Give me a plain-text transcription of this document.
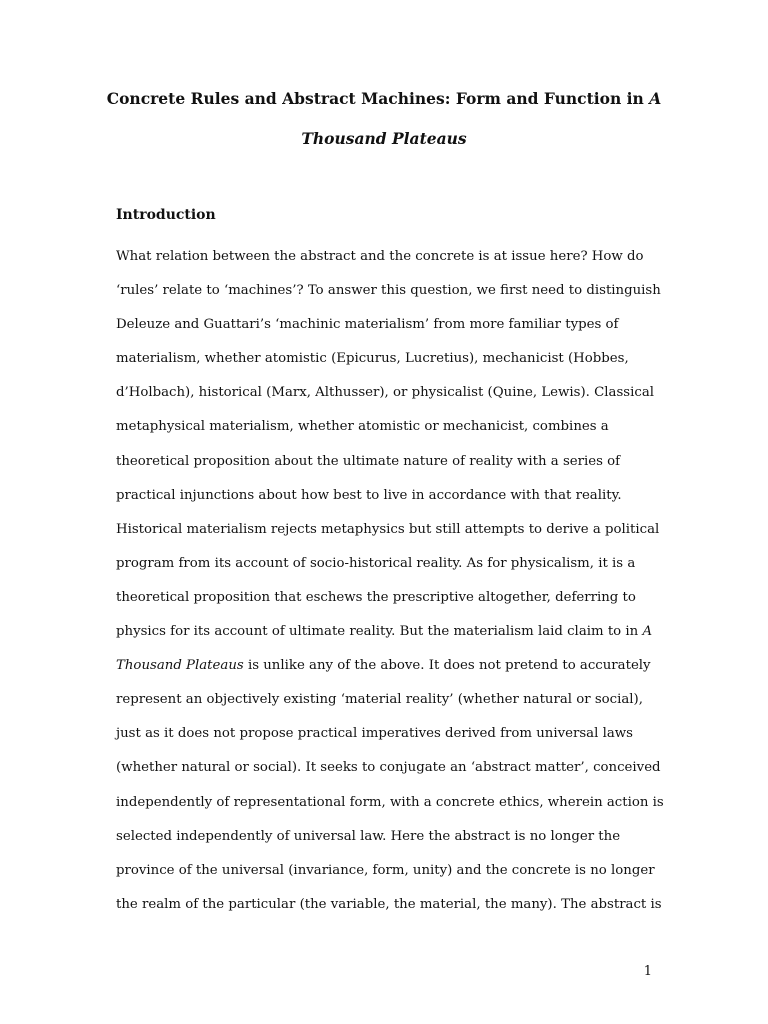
Concrete Rules and Abstract Machines: Form and Function in A
Thousand Plateaus
Introduction
What relation between the abstract and the concrete is at issue here? How do
‘rules’ relate to ‘machines’? To answer this question, we first need to distinguish
Deleuze and Guattari’s ‘machinic materialism’ from more familiar types of
materialism, whether atomistic (Epicurus, Lucretius), mechanicist (Hobbes,
d’Holbach), historical (Marx, Althusser), or physicalist (Quine, Lewis). Classical
metaphysical materialism, whether atomistic or mechanicist, combines a
theoretical proposition about the ultimate nature of reality with a series of
practical injunctions about how best to live in accordance with that reality.
Historical materialism rejects metaphysics but still attempts to derive a political
program from its account of socio-historical reality. As for physicalism, it is a
theoretical proposition that eschews the prescriptive altogether, deferring to
physics for its account of ultimate reality. But the materialism laid claim to in A
Thousand Plateaus is unlike any of the above. It does not pretend to accurately
represent an objectively existing ‘material reality’ (whether natural or social),
just as it does not propose practical imperatives derived from universal laws
(whether natural or social). It seeks to conjugate an ‘abstract matter’, conceived
independently of representational form, with a concrete ethics, wherein action is
selected independently of universal law. Here the abstract is no longer the
province of the universal (invariance, form, unity) and the concrete is no longer
the realm of the particular (the variable, the material, the many). The abstract is
1
